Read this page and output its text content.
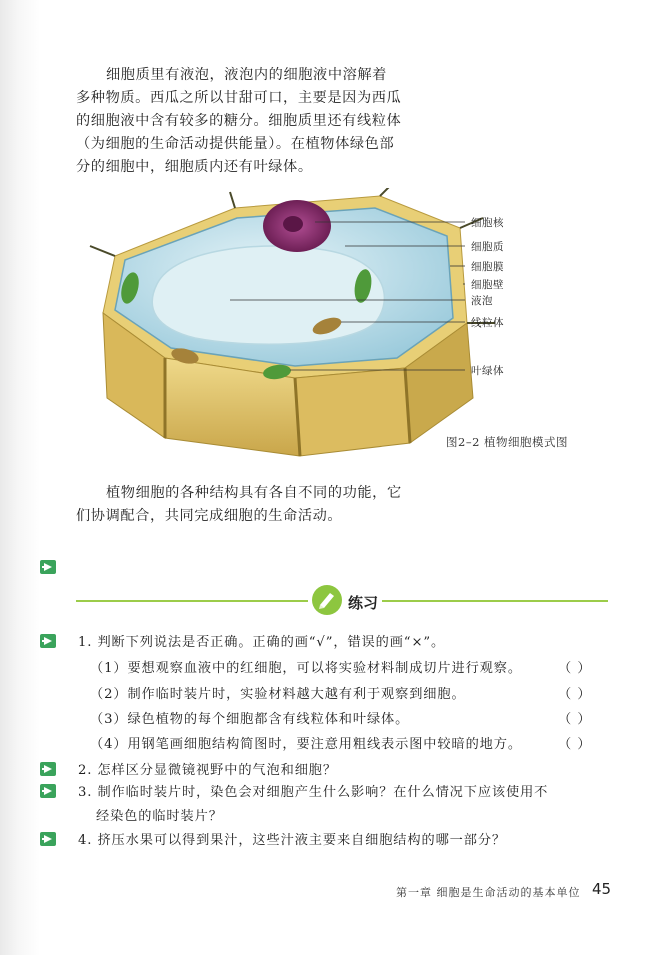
细胞质里有液泡，液泡内的细胞液中溶解着
多种物质。西瓜之所以甘甜可口，主要是因为西瓜
的细胞液中含有较多的糖分。细胞质里还有线粒体
（为细胞的生命活动提供能量）。在植物体绿色部
分的细胞中，细胞质内还有叶绿体。

细胞核
细胞质
细胞膜
细胞壁
液泡
线粒体
叶绿体
图2–2 植物细胞模式图

植物细胞的各种结构具有各自不同的功能，它
们协调配合，共同完成细胞的生命活动。

练习
1. 判断下列说法是否正确。正确的画“√”，错误的画“×”。
（1）要想观察血液中的红细胞，可以将实验材料制成切片进行观察。	（ ）
（2）制作临时装片时，实验材料越大越有利于观察到细胞。	（ ）
（3）绿色植物的每个细胞都含有线粒体和叶绿体。	（ ）
（4）用钢笔画细胞结构简图时，要注意用粗线表示图中较暗的地方。	（ ）
2. 怎样区分显微镜视野中的气泡和细胞？
3. 制作临时装片时，染色会对细胞产生什么影响？在什么情况下应该使用不
经染色的临时装片？
4. 挤压水果可以得到果汁，这些汁液主要来自细胞结构的哪一部分？
第一章 细胞是生命活动的基本单位 45
